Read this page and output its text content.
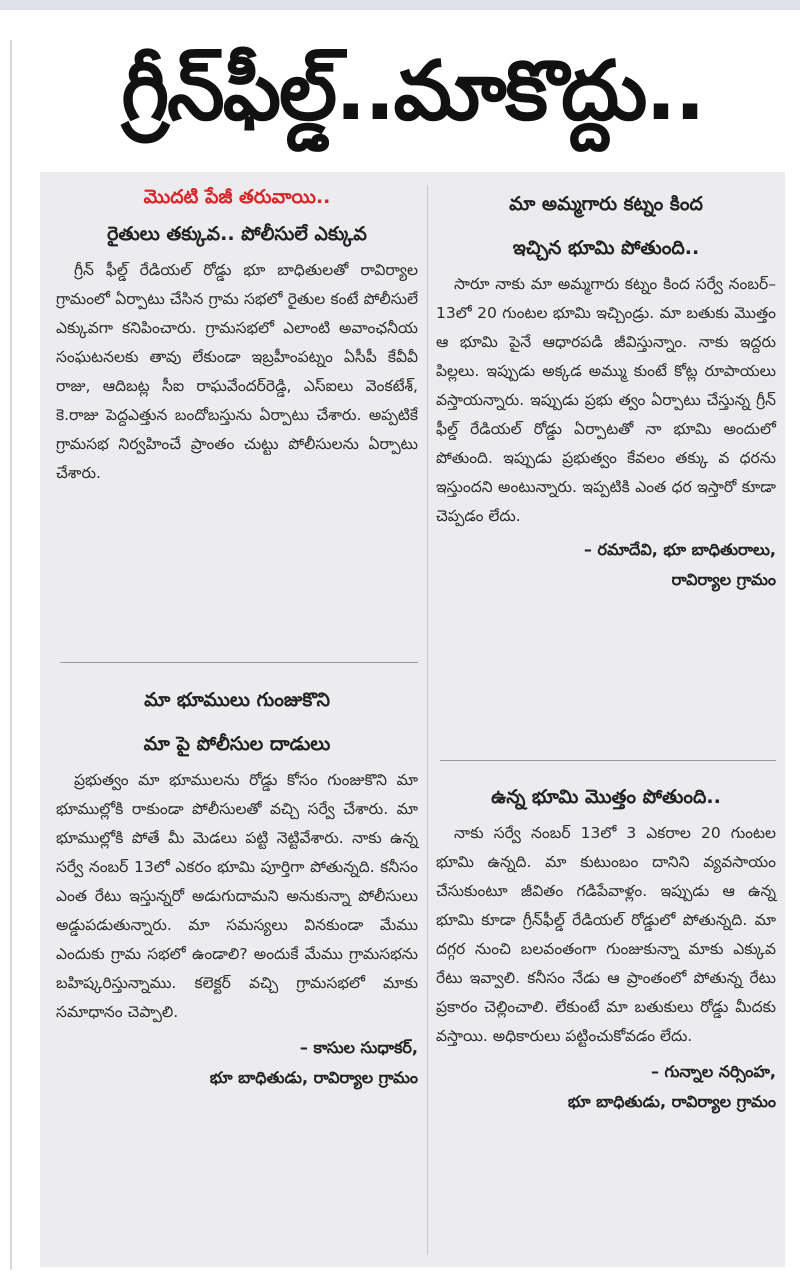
గ్రీన్‌ఫీల్డ్‌..మాకొద్దు..
మొదటి పేజీ తరువాయి..
రైతులు తక్కువ.. పోలీసులే ఎక్కువ
గ్రీన్‌ ఫీల్డ్‌ రేడియల్‌ రోడ్డు భూ బాధితులతో రావిర్యాల గ్రామంలో ఏర్పాటు చేసిన గ్రామ సభలో రైతుల కంటే పోలీసులే ఎక్కువగా కనిపించారు. గ్రామసభలో ఎలాంటి అవాంఛనీయ సంఘటనలకు తావు లేకుండా ఇబ్రహీంపట్నం ఏసీపీ కేవీవీ రాజు, ఆదిబట్ల సీఐ రాఘవేందర్‌రెడ్డి, ఎస్‌ఐలు వెంకటేశ్‌, కె.రాజు పెద్దఎత్తున బందోబస్తును ఏర్పాటు చేశారు. అప్పటికే గ్రామసభ నిర్వహించే ప్రాంతం చుట్టు పోలీసులను ఏర్పాటు చేశారు.
మా భూములు గుంజుకొని
మా పై పోలీసుల దాడులు
ప్రభుత్వం మా భూములను రోడ్డు కోసం గుంజుకొని మా భూముల్లోకి రాకుండా పోలీసులతో వచ్చి సర్వే చేశారు. మా భూముల్లోకి పోతే మీ మెడలు పట్టి నెట్టివేశారు. నాకు ఉన్న సర్వే నంబర్‌ 13లో ఎకరం భూమి పూర్తిగా పోతున్నది. కనీసం ఎంత రేటు ఇస్తున్నరో అడుగుదామని అనుకున్నా పోలీసులు అడ్డుపడుతున్నారు. మా సమస్యలు వినకుండా మేము ఎందుకు గ్రామ సభలో ఉండాలి? అందుకే మేము గ్రామసభను బహిష్కరిస్తున్నాము. కలెక్టర్‌ వచ్చి గ్రామసభలో మాకు సమాధానం చెప్పాలి.
– కాసుల సుధాకర్‌,
భూ బాధితుడు, రావిర్యాల గ్రామం
మా అమ్మగారు కట్నం కింద
ఇచ్చిన భూమి పోతుంది..
సారూ నాకు మా అమ్మగారు కట్నం కింద సర్వే నంబర్‌–13లో 20 గుంటల భూమి ఇచ్చిండ్రు. మా బతుకు మొత్తం ఆ భూమి పైనే ఆధారపడి జీవిస్తున్నాం. నాకు ఇద్దరు పిల్లలు. ఇప్పుడు అక్కడ అమ్ము కుంటే కోట్ల రూపాయలు వస్తాయన్నారు. ఇప్పుడు ప్రభు త్వం ఏర్పాటు చేస్తున్న గ్రీన్‌ ఫీల్డ్‌ రేడియల్‌ రోడ్డు ఏర్పాటతో నా భూమి అందులో పోతుంది. ఇప్పుడు ప్రభుత్వం కేవలం తక్కు వ ధరను ఇస్తుందని అంటున్నారు. ఇప్పటికి ఎంత ధర ఇస్తారో కూడా చెప్పడం లేదు.
– రమాదేవి, భూ బాధితురాలు,
రావిర్యాల గ్రామం
ఉన్న భూమి మొత్తం పోతుంది..
నాకు సర్వే నంబర్‌ 13లో 3 ఎకరాల 20 గుంటల భూమి ఉన్నది. మా కుటుంబం దానిని వ్యవసాయం చేసుకుంటూ జీవితం గడిపేవాళ్లం. ఇప్పుడు ఆ ఉన్న భూమి కూడా గ్రీన్‌ఫీల్డ్‌ రేడియల్‌ రోడ్డులో పోతున్నది. మా దగ్గర నుంచి బలవంతంగా గుంజుకున్నా మాకు ఎక్కువ రేటు ఇవ్వాలి. కనీసం నేడు ఆ ప్రాంతంలో పోతున్న రేటు ప్రకారం చెల్లించాలి. లేకుంటే మా బతుకులు రోడ్డు మీదకు వస్తాయి. అధికారులు పట్టించుకోవడం లేదు.
– గున్నాల నర్సింహ,
భూ బాధితుడు, రావిర్యాల గ్రామం
